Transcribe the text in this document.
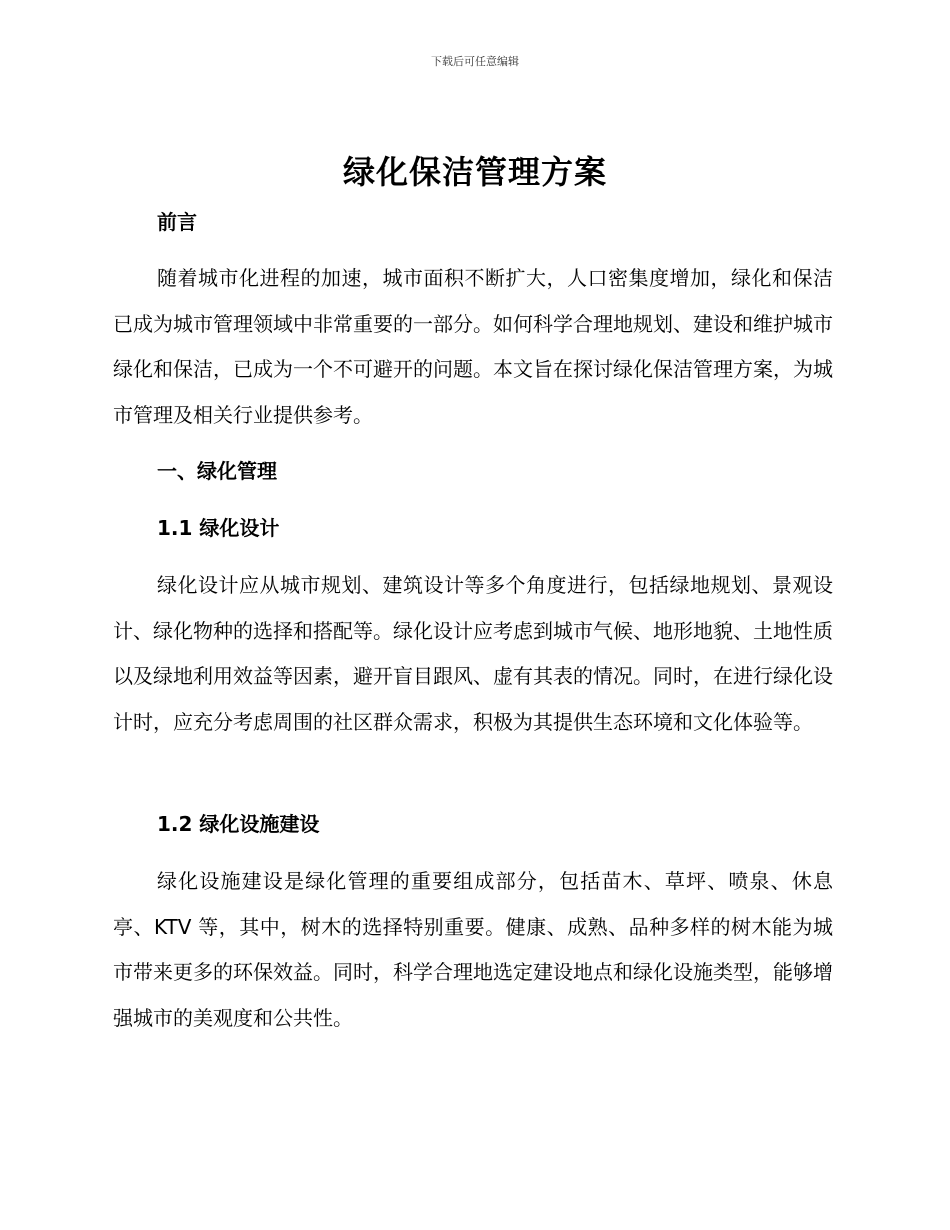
下载后可任意编辑
绿化保洁管理方案
前言
随着城市化进程的加速，城市面积不断扩大，人口密集度增加，绿化和保洁已成为城市管理领域中非常重要的一部分。如何科学合理地规划、建设和维护城市绿化和保洁，已成为一个不可避开的问题。本文旨在探讨绿化保洁管理方案，为城市管理及相关行业提供参考。
一、绿化管理
1.1 绿化设计
绿化设计应从城市规划、建筑设计等多个角度进行，包括绿地规划、景观设计、绿化物种的选择和搭配等。绿化设计应考虑到城市气候、地形地貌、土地性质以及绿地利用效益等因素，避开盲目跟风、虚有其表的情况。同时，在进行绿化设计时，应充分考虑周围的社区群众需求，积极为其提供生态环境和文化体验等。
1.2 绿化设施建设
绿化设施建设是绿化管理的重要组成部分，包括苗木、草坪、喷泉、休息亭、KTV 等，其中，树木的选择特别重要。健康、成熟、品种多样的树木能为城市带来更多的环保效益。同时，科学合理地选定建设地点和绿化设施类型，能够增强城市的美观度和公共性。
